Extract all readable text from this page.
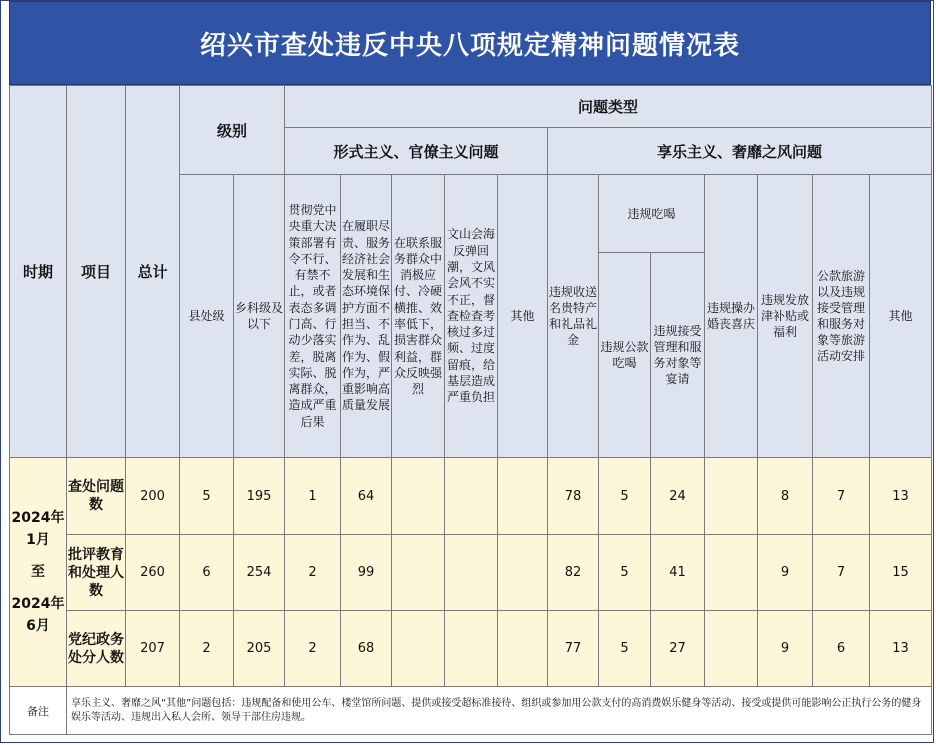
绍兴市查处违反中央八项规定精神问题情况表
时期	项目	总计	级别		问题类型											
					形式主义、官僚主义问题					享乐主义、奢靡之风问题						
			县处级	乡科级及以下	贯彻党中央重大决策部署有令不行、有禁不止，或者表态多调门高、行动少落实差，脱离实际、脱离群众，造成严重后果	在履职尽责、服务经济社会发展和生态环境保护方面不担当、不作为、乱作为、假作为，严重影响高质量发展	在联系服务群众中消极应付、冷硬横推、效率低下，损害群众利益，群众反映强烈	文山会海反弹回潮，文风会风不实不正，督查检查考核过多过频、过度留痕，给基层造成严重负担	其他	违规收送名贵特产和礼品礼金	违规吃喝		违规操办婚丧喜庆	违规发放津补贴或福利	公款旅游以及违规接受管理和服务对象等旅游活动安排	其他
											违规公款吃喝	违规接受管理和服务对象等宴请				

2024年1月
至
2024年6月	查处问题数	200	5	195	1	64				78	5	24		8	7	13
	批评教育和处理人数	260	6	254	2	99				82	5	41		9	7	15
	党纪政务处分人数	207	2	205	2	68				77	5	27		9	6	13
备注	享乐主义、奢靡之风“其他”问题包括：违规配备和使用公车、楼堂馆所问题、提供或接受超标准接待、组织或参加用公款支付的高消费娱乐健身等活动、接受或提供可能影响公正执行公务的健身娱乐等活动、违规出入私人会所、领导干部住房违规。															
